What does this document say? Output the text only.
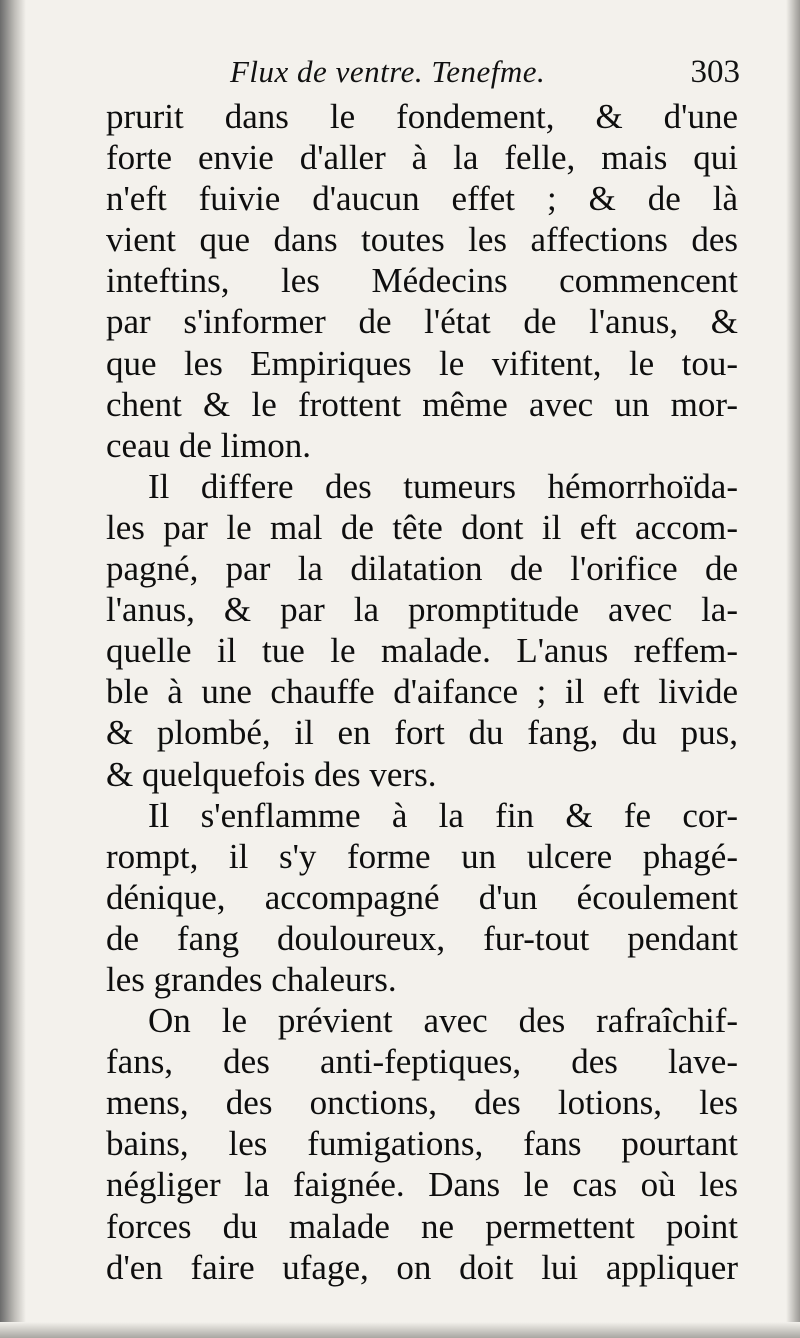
Flux de ventre. Tenefme.	303
prurit dans le fondement, & d'une
forte envie d'aller à la felle, mais qui
n'eft fuivie d'aucun effet ; & de là
vient que dans toutes les affections des
inteftins, les Médecins commencent
par s'informer de l'état de l'anus, &
que les Empiriques le vifitent, le tou-
chent & le frottent même avec un mor-
ceau de limon.
Il differe des tumeurs hémorrhoïda-
les par le mal de tête dont il eft accom-
pagné, par la dilatation de l'orifice de
l'anus, & par la promptitude avec la-
quelle il tue le malade. L'anus reffem-
ble à une chauffe d'aifance ; il eft livide
& plombé, il en fort du fang, du pus,
& quelquefois des vers.
Il s'enflamme à la fin & fe cor-
rompt, il s'y forme un ulcere phagé-
dénique, accompagné d'un écoulement
de fang douloureux, fur-tout pendant
les grandes chaleurs.
On le prévient avec des rafraîchif-
fans, des anti-feptiques, des lave-
mens, des onctions, des lotions, les
bains, les fumigations, fans pourtant
négliger la faignée. Dans le cas où les
forces du malade ne permettent point
d'en faire ufage, on doit lui appliquer
